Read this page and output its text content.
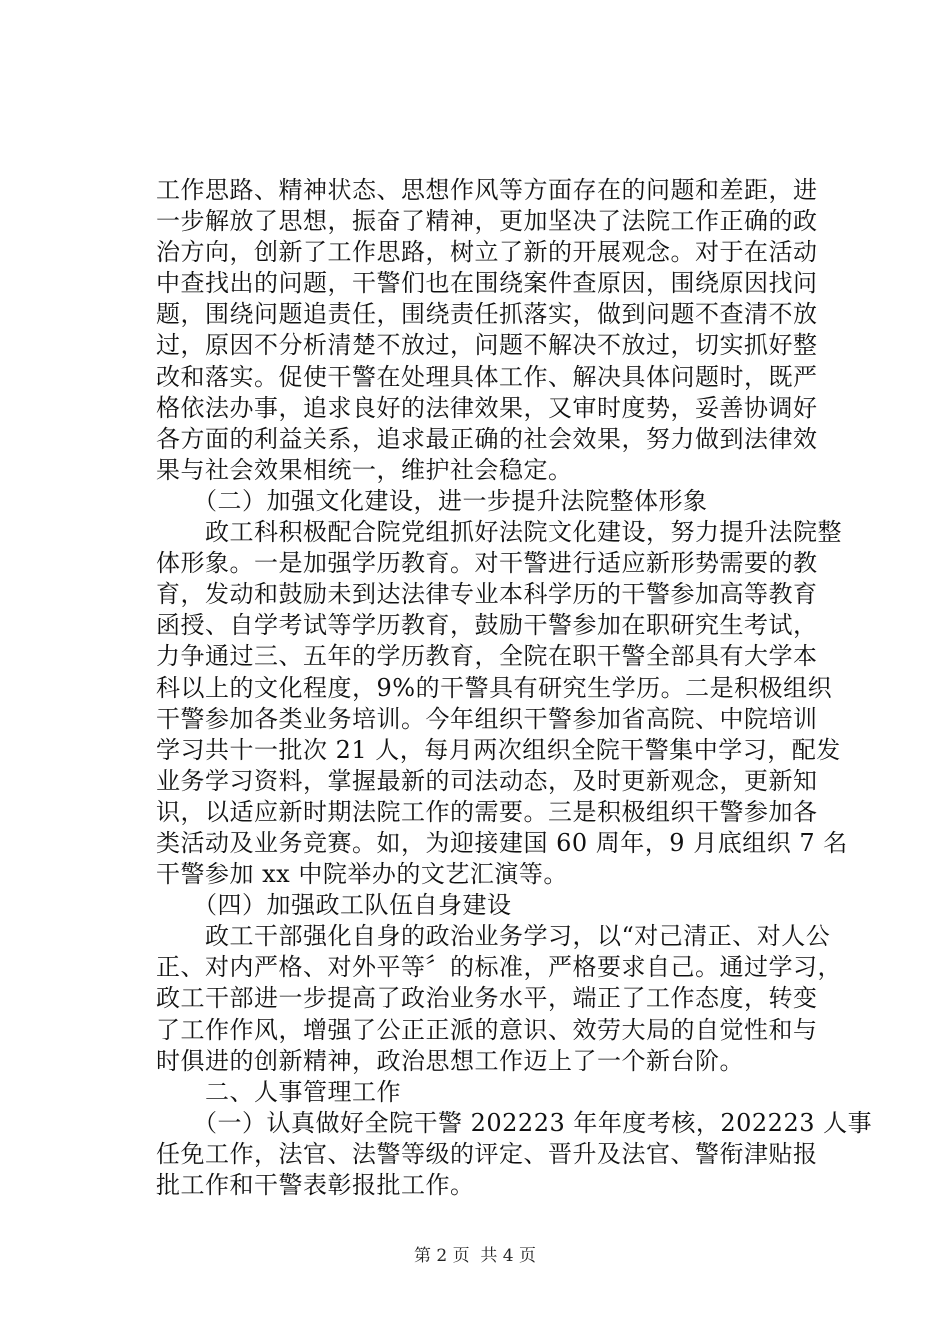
工作思路、精神状态、思想作风等方面存在的问题和差距，进
一步解放了思想，振奋了精神，更加坚决了法院工作正确的政
治方向，创新了工作思路，树立了新的开展观念。对于在活动
中查找出的问题，干警们也在围绕案件查原因，围绕原因找问
题，围绕问题追责任，围绕责任抓落实，做到问题不查清不放
过，原因不分析清楚不放过，问题不解决不放过，切实抓好整
改和落实。促使干警在处理具体工作、解决具体问题时，既严
格依法办事，追求良好的法律效果，又审时度势，妥善协调好
各方面的利益关系，追求最正确的社会效果，努力做到法律效
果与社会效果相统一，维护社会稳定。
　　（二）加强文化建设，进一步提升法院整体形象
　　政工科积极配合院党组抓好法院文化建设，努力提升法院整
体形象。一是加强学历教育。对干警进行适应新形势需要的教
育，发动和鼓励未到达法律专业本科学历的干警参加高等教育
函授、自学考试等学历教育，鼓励干警参加在职研究生考试，
力争通过三、五年的学历教育，全院在职干警全部具有大学本
科以上的文化程度，9%的干警具有研究生学历。二是积极组织
干警参加各类业务培训。今年组织干警参加省高院、中院培训
学习共十一批次 21 人，每月两次组织全院干警集中学习，配发
业务学习资料，掌握最新的司法动态，及时更新观念，更新知
识，以适应新时期法院工作的需要。三是积极组织干警参加各
类活动及业务竞赛。如，为迎接建国 60 周年，9 月底组织 7 名
干警参加 xx 中院举办的文艺汇演等。
　　（四）加强政工队伍自身建设
　　政工干部强化自身的政治业务学习，以“对己清正、对人公
正、对内严格、对外平等〞的标准，严格要求自己。通过学习，
政工干部进一步提高了政治业务水平，端正了工作态度，转变
了工作作风，增强了公正正派的意识、效劳大局的自觉性和与
时俱进的创新精神，政治思想工作迈上了一个新台阶。
　　二、人事管理工作
　　（一）认真做好全院干警 202223 年年度考核，202223 人事
任免工作，法官、法警等级的评定、晋升及法官、警衔津贴报
批工作和干警表彰报批工作。
第 2 页  共 4 页
